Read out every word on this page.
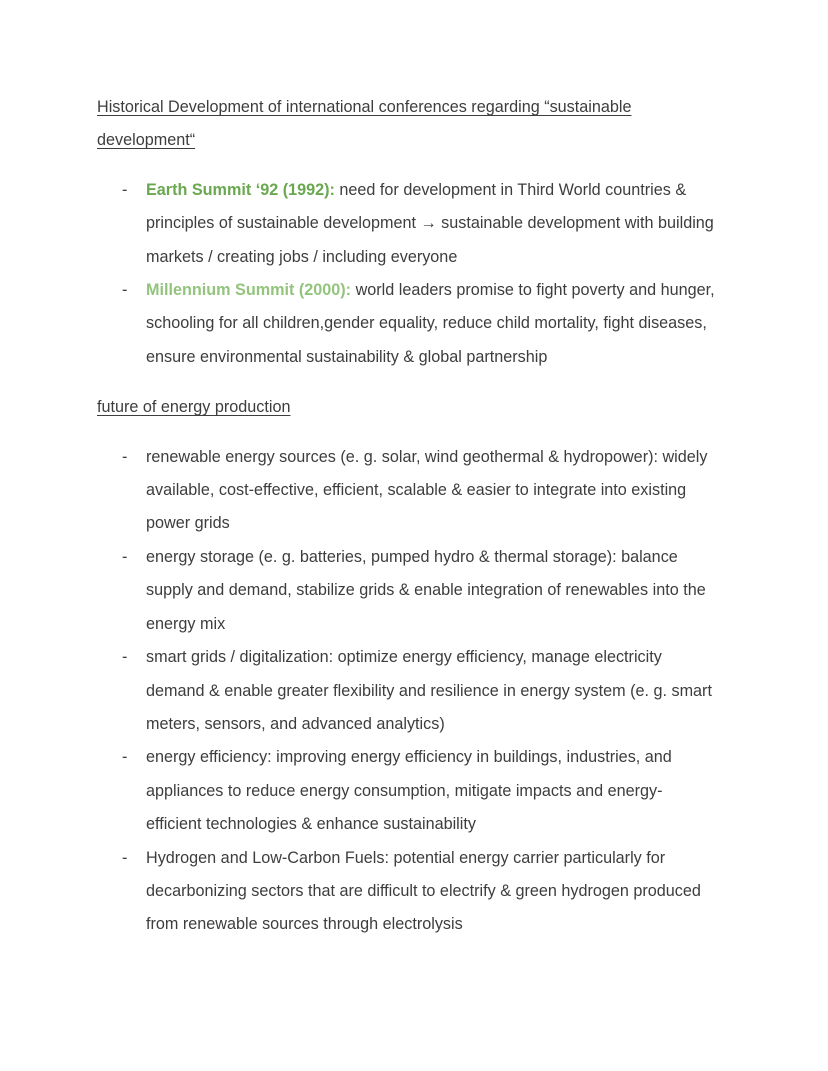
Historical Development of international conferences regarding “sustainable development“
-	Earth Summit ‘92 (1992): need for development in Third World countries & principles of sustainable development → sustainable development with building markets / creating jobs / including everyone
-	Millennium Summit (2000): world leaders promise to fight poverty and hunger, schooling for all children,gender equality, reduce child mortality, fight diseases, ensure environmental sustainability & global partnership
future of energy production
-	renewable energy sources (e. g. solar, wind geothermal & hydropower): widely available, cost-effective, efficient, scalable & easier to integrate into existing power grids
-	energy storage (e. g. batteries, pumped hydro & thermal storage): balance supply and demand, stabilize grids & enable integration of renewables into the energy mix
-	smart grids / digitalization: optimize energy efficiency, manage electricity demand & enable greater flexibility and resilience in energy system (e. g. smart meters, sensors, and advanced analytics)
-	energy efficiency: improving energy efficiency in buildings, industries, and appliances to reduce energy consumption, mitigate impacts and energy-efficient technologies & enhance sustainability
-	Hydrogen and Low-Carbon Fuels: potential energy carrier particularly for decarbonizing sectors that are difficult to electrify & green hydrogen produced from renewable sources through electrolysis
